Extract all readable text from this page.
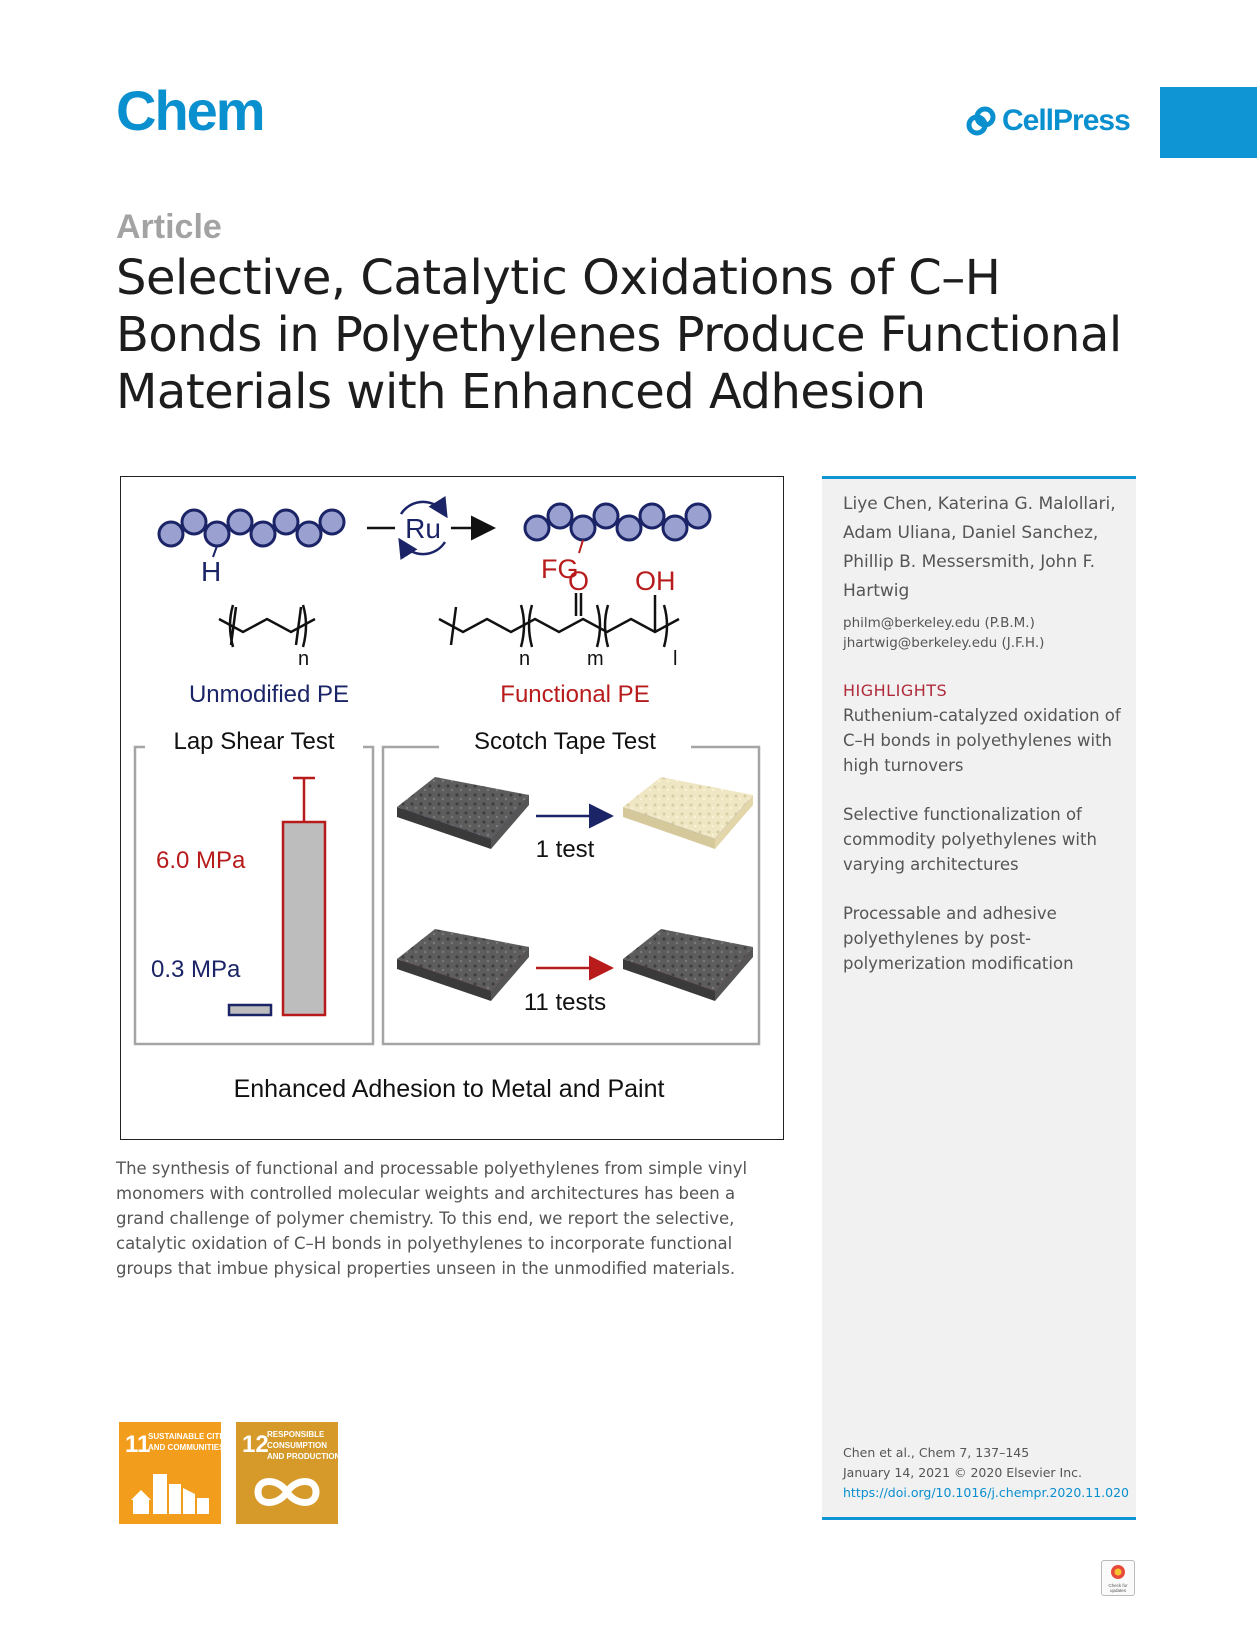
Chem	CellPress
Article
Selective, Catalytic Oxidations of C–H Bonds in Polyethylenes Produce Functional Materials with Enhanced Adhesion
H
Ru
FG
n
O OH
n	m	l
Unmodified PE	Functional PE
Lap Shear Test
6.0 MPa
0.3 MPa
Scotch Tape Test
1 test
11 tests
Enhanced Adhesion to Metal and Paint

The synthesis of functional and processable polyethylenes from simple vinyl monomers with controlled molecular weights and architectures has been a grand challenge of polymer chemistry. To this end, we report the selective, catalytic oxidation of C–H bonds in polyethylenes to incorporate functional groups that imbue physical properties unseen in the unmodified materials.

Liye Chen, Katerina G. Malollari, Adam Uliana, Daniel Sanchez, Phillip B. Messersmith, John F. Hartwig

philm@berkeley.edu (P.B.M.)
jhartwig@berkeley.edu (J.F.H.)
HIGHLIGHTS

Ruthenium-catalyzed oxidation of C–H bonds in polyethylenes with high turnovers

Selective functionalization of commodity polyethylenes with varying architectures

Processable and adhesive polyethylenes by post-polymerization modification

Chen et al., Chem 7, 137–145
January 14, 2021 © 2020 Elsevier Inc.
https://doi.org/10.1016/j.chempr.2020.11.020
11
SUSTAINABLE CITIES
AND COMMUNITIES 12
RESPONSIBLE
CONSUMPTION
AND PRODUCTION
Check for
updates
